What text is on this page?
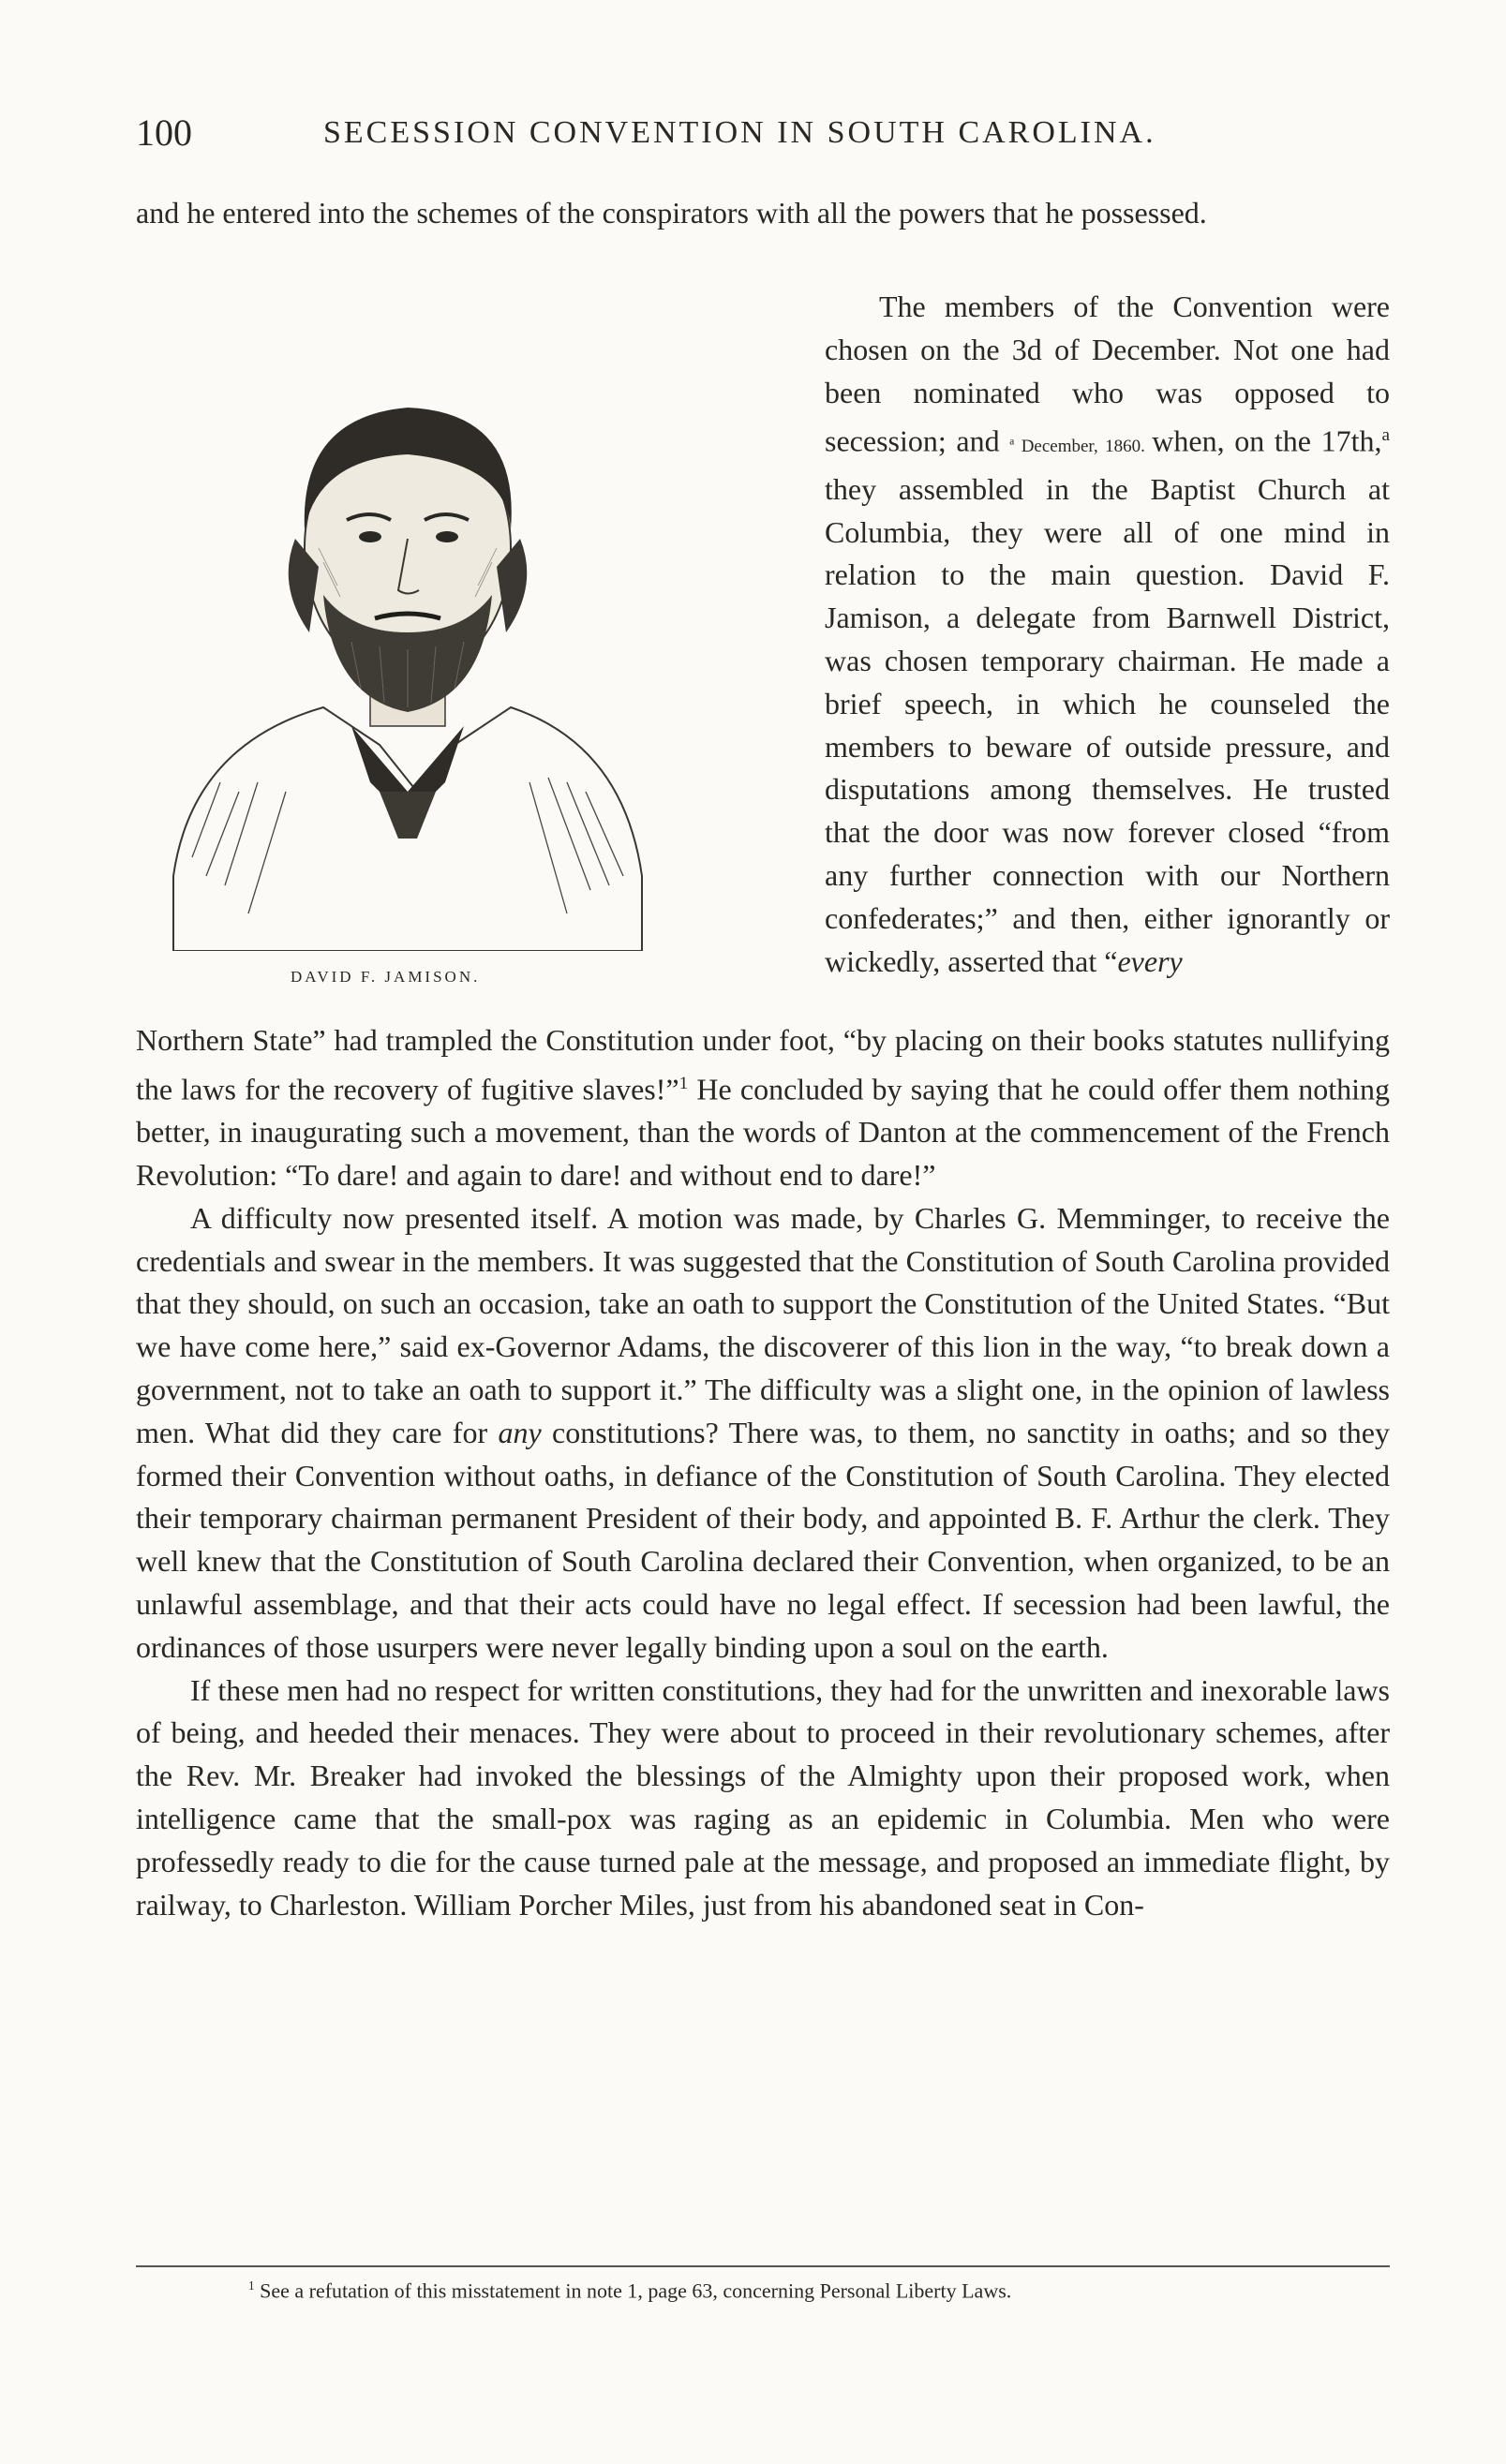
100	SECESSION CONVENTION IN SOUTH CAROLINA.

and he entered into the schemes of the conspirators with all the powers that he possessed.

DAVID F. JAMISON.

The members of the Convention were chosen on the 3d of December. Not one had been nominated who was opposed to secession; and $^a$ December, 1860. when, on the 17th,$^a$ they assembled in the Baptist Church at Columbia, they were all of one mind in relation to the main question. David F. Jamison, a delegate from Barnwell District, was chosen temporary chairman. He made a brief speech, in which he counseled the members to beware of outside pressure, and disputations among themselves. He trusted that the door was now forever closed “from any further connection with our Northern confederates;” and then, either ignorantly or wickedly, asserted that “every

Northern State” had trampled the Constitution under foot, “by placing on their books statutes nullifying the laws for the recovery of fugitive slaves!”$^1$ He concluded by saying that he could offer them nothing better, in inaugurating such a movement, than the words of Danton at the commencement of the French Revolution: “To dare! and again to dare! and without end to dare!”

A difficulty now presented itself. A motion was made, by Charles G. Memminger, to receive the credentials and swear in the members. It was suggested that the Constitution of South Carolina provided that they should, on such an occasion, take an oath to support the Constitution of the United States. “But we have come here,” said ex-Governor Adams, the discoverer of this lion in the way, “to break down a government, not to take an oath to support it.” The difficulty was a slight one, in the opinion of lawless men. What did they care for any constitutions? There was, to them, no sanctity in oaths; and so they formed their Convention without oaths, in defiance of the Constitution of South Carolina. They elected their temporary chairman permanent President of their body, and appointed B. F. Arthur the clerk. They well knew that the Constitution of South Carolina declared their Convention, when organized, to be an unlawful assemblage, and that their acts could have no legal effect. If secession had been lawful, the ordinances of those usurpers were never legally binding upon a soul on the earth.

If these men had no respect for written constitutions, they had for the unwritten and inexorable laws of being, and heeded their menaces. They were about to proceed in their revolutionary schemes, after the Rev. Mr. Breaker had invoked the blessings of the Almighty upon their proposed work, when intelligence came that the small-pox was raging as an epidemic in Columbia. Men who were professedly ready to die for the cause turned pale at the message, and proposed an immediate flight, by railway, to Charleston. William Porcher Miles, just from his abandoned seat in Con-

$^1$ See a refutation of this misstatement in note 1, page 63, concerning Personal Liberty Laws.
